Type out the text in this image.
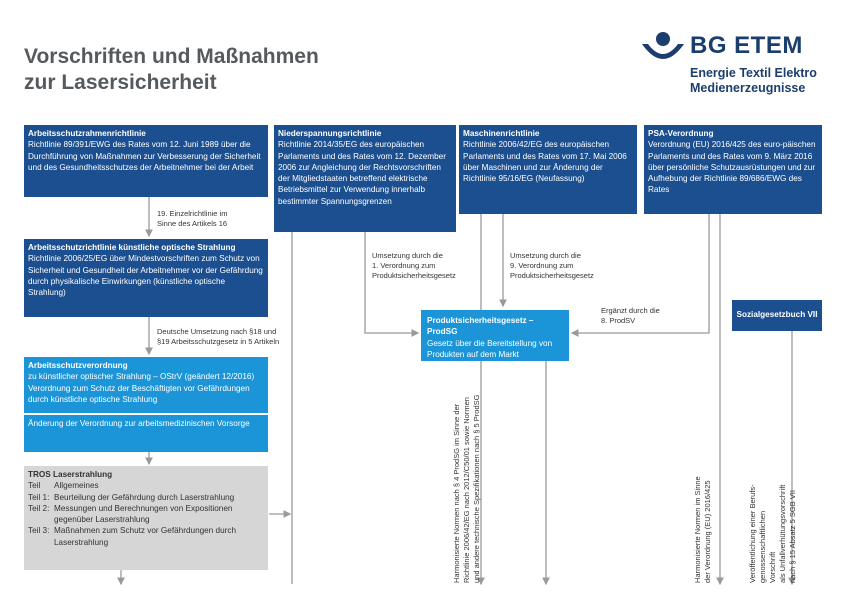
Vorschriften und Maßnahmen
zur Lasersicherheit
BG ETEM
Energie Textil Elektro
Medienerzeugnisse
Arbeitsschutzrahmenrichtlinie
Richtlinie 89/391/EWG des Rates vom 12. Juni 1989 über die Durchführung von Maßnahmen zur Verbesserung der Sicherheit und des Gesundheitsschutzes der Arbeitnehmer bei der Arbeit
Niederspannungsrichtlinie
Richtlinie 2014/35/EG des europäischen Parlaments und des Rates vom 12. Dezember 2006 zur Angleichung der Rechtsvorschriften der Mitgliedstaaten betreffend elektrische Betriebsmittel zur Verwendung innerhalb bestimmter Spannungsgrenzen
Maschinenrichtlinie
Richtlinie 2006/42/EG des europäischen Parlaments und des Rates vom 17. Mai 2006 über Maschinen und zur Änderung der Richtlinie 95/16/EG (Neufassung)
PSA-Verordnung
Verordnung (EU) 2016/425 des euro-päischen Parlaments und des Rates vom 9. März 2016 über persönliche Schutzausrüstungen und zur Aufhebung der Richtlinie 89/686/EWG des Rates
Arbeitsschutzrichtlinie künstliche optische Strahlung
Richtlinie 2006/25/EG über Mindestvorschriften zum Schutz von Sicherheit und Gesundheit der Arbeitnehmer vor der Gefährdung durch physikalische Einwirkungen (künstliche optische Strahlung)
Produktsicherheitsgesetz – ProdSG
Gesetz über die Bereitstellung von Produkten auf dem Markt
Sozialgesetzbuch VII
Arbeitsschutzverordnung
zu künstlicher optischer Strahlung – OStrV (geändert 12/2016) Verordnung zum Schutz der Beschäftigten vor Gefährdungen durch künstliche optische Strahlung
Änderung der Verordnung zur arbeitsmedizinischen Vorsorge
TROS Laserstrahlung
Teil	Allgemeines
Teil 1: Beurteilung der Gefährdung durch Laserstrahlung
Teil 2: Messungen und Berechnungen von Expositionen gegenüber Laserstrahlung
Teil 3: Maßnahmen zum Schutz vor Gefährdungen durch Laserstrahlung
19. Einzelrichtlinie im
Sinne des Artikels 16
Umsetzung durch die
1. Verordnung zum
Produktsicherheitsgesetz
Umsetzung durch die
9. Verordnung zum
Produktsicherheitsgesetz
Ergänzt durch die
8. ProdSV
Deutsche Umsetzung nach §18 und
§19 Arbeitsschutzgesetz in 5 Artikeln
Harmonisierte Normen nach § 4 ProdSG im Sinne der
Richtlinie 2006/42/EG nach 2012/C50/01 sowie Normen
und andere technische Spezifikationen nach § 5 ProdSG
Harmonisierte Normen im Sinne
der Verordnung (EU) 2016/425
Veröffentlichung einer Berufs-
genossenschaftlichen Vorschrift
als Unfallverhütungsvorschrift
nach § 15 Absatz 5 SGB VII
